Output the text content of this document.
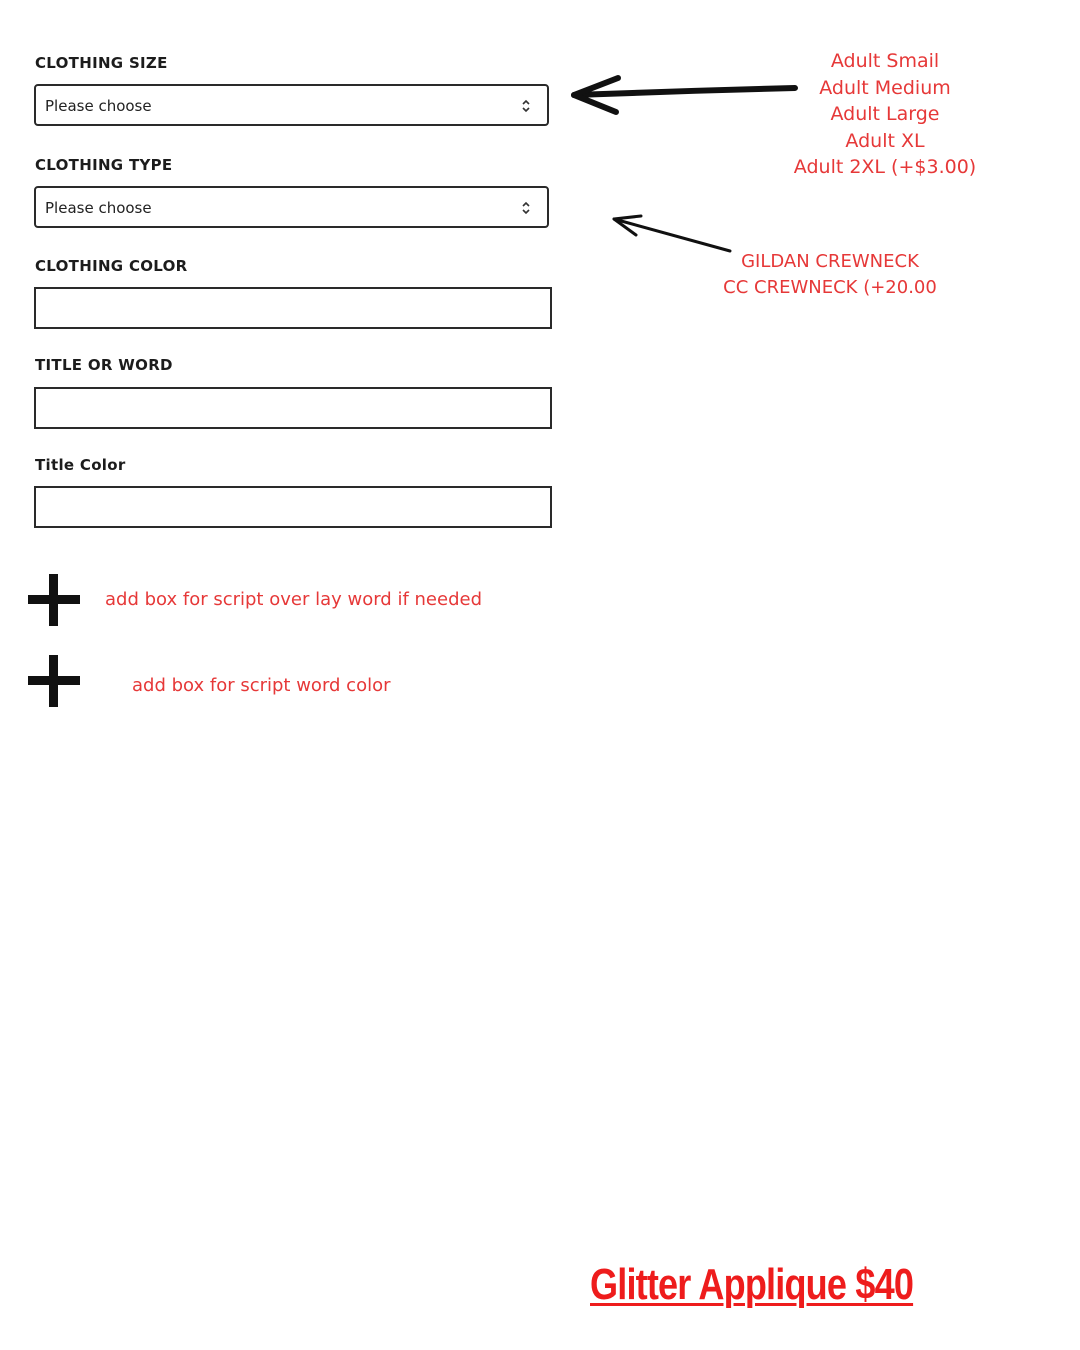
CLOTHING SIZE
Please choose
CLOTHING TYPE
Please choose
CLOTHING COLOR
TITLE OR WORD
Title Color
Adult Smail
Adult Medium
Adult Large
Adult XL
Adult 2XL (+$3.00)
GILDAN CREWNECK
CC CREWNECK (+20.00
add box for script over lay word if needed
add box for script word color
Glitter Applique $40
